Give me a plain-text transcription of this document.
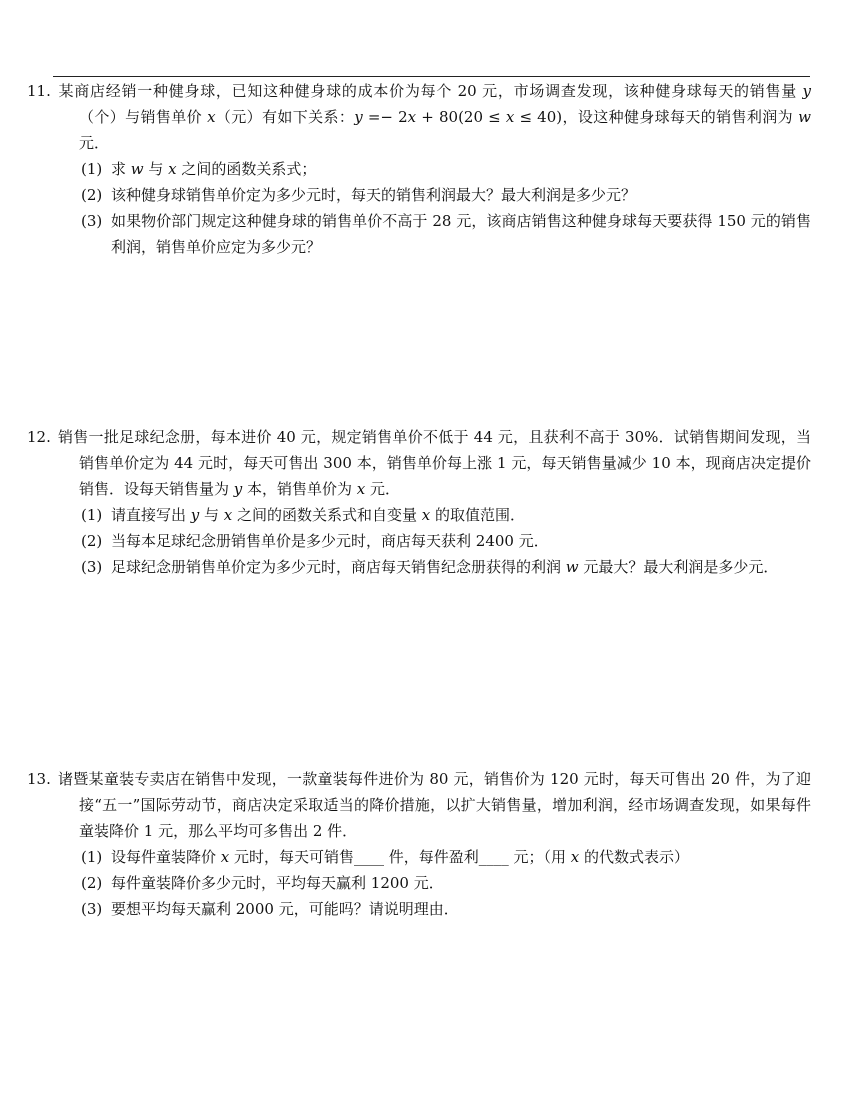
11. 某商店经销一种健身球，已知这种健身球的成本价为每个 20 元，市场调查发现，该种健身球每天的销售量 𝑦（个）与销售单价 𝑥（元）有如下关系：𝑦 =− 2𝑥 + 80(20 ≤ 𝑥 ≤ 40)，设这种健身球每天的销售利润为 𝑤 元．
(1) 求 𝑤 与 𝑥 之间的函数关系式；
(2) 该种健身球销售单价定为多少元时，每天的销售利润最大？最大利润是多少元？
(3) 如果物价部门规定这种健身球的销售单价不高于 28 元，该商店销售这种健身球每天要获得 150 元的销售利润，销售单价应定为多少元？
12. 销售一批足球纪念册，每本进价 40 元，规定销售单价不低于 44 元，且获利不高于 30%．试销售期间发现，当销售单价定为 44 元时，每天可售出 300 本，销售单价每上涨 1 元，每天销售量减少 10 本，现商店决定提价销售．设每天销售量为 𝑦 本，销售单价为 𝑥 元．
(1) 请直接写出 𝑦 与 𝑥 之间的函数关系式和自变量 𝑥 的取值范围．
(2) 当每本足球纪念册销售单价是多少元时，商店每天获利 2400 元．
(3) 足球纪念册销售单价定为多少元时，商店每天销售纪念册获得的利润 𝑤 元最大？最大利润是多少元．
13. 诸暨某童装专卖店在销售中发现，一款童装每件进价为 80 元，销售价为 120 元时，每天可售出 20 件，为了迎接“五一”国际劳动节，商店决定采取适当的降价措施，以扩大销售量，增加利润，经市场调查发现，如果每件童装降价 1 元，那么平均可多售出 2 件．
(1) 设每件童装降价 𝑥 元时，每天可销售____ 件，每件盈利____ 元；（用 𝑥 的代数式表示）
(2) 每件童装降价多少元时，平均每天赢利 1200 元．
(3) 要想平均每天赢利 2000 元，可能吗？请说明理由．
